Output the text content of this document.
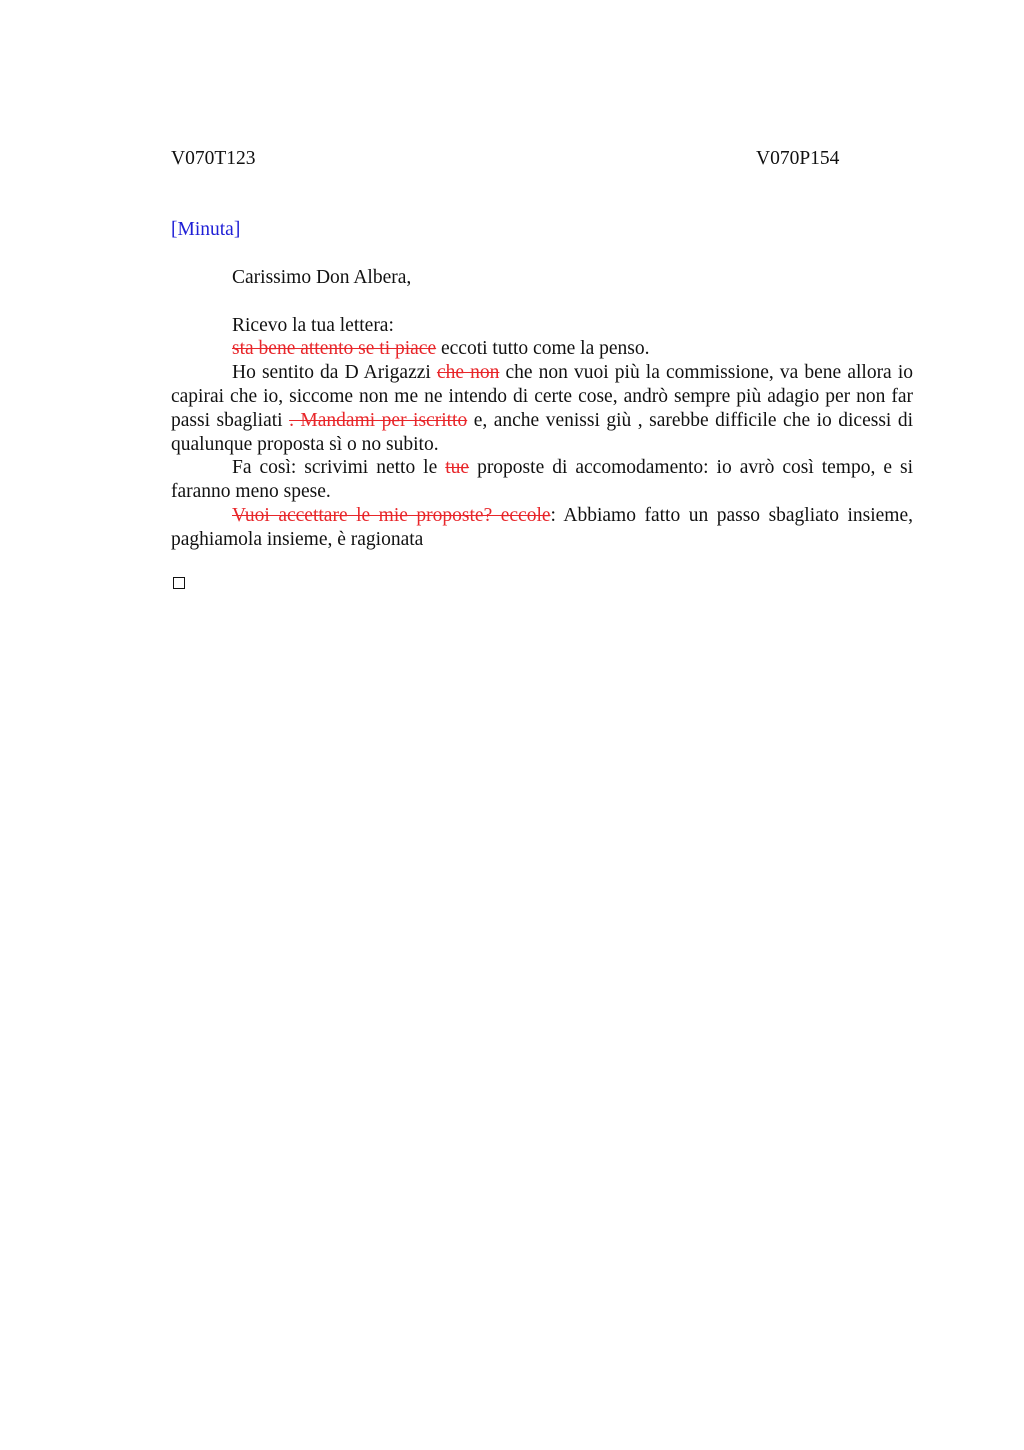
V070T123	V070P154
[Minuta]

Carissimo Don Albera,

Ricevo la tua lettera:

sta bene attento se ti piace eccoti tutto come la penso.

Ho sentito da D Arigazzi che non che non vuoi più la commissione, va bene allora io capirai che io, siccome non me ne intendo di certe cose, andrò sempre più adagio per non far passi sbagliati . Mandami per iscritto e, anche venissi giù , sarebbe difficile che io dicessi di qualunque proposta sì o no subito.

Fa così: scrivimi netto le tue proposte di accomodamento: io avrò così tempo, e si faranno meno spese.

Vuoi accettare le mie proposte? eccole: Abbiamo fatto un passo sbagliato insieme, paghiamola insieme, è ragionata
